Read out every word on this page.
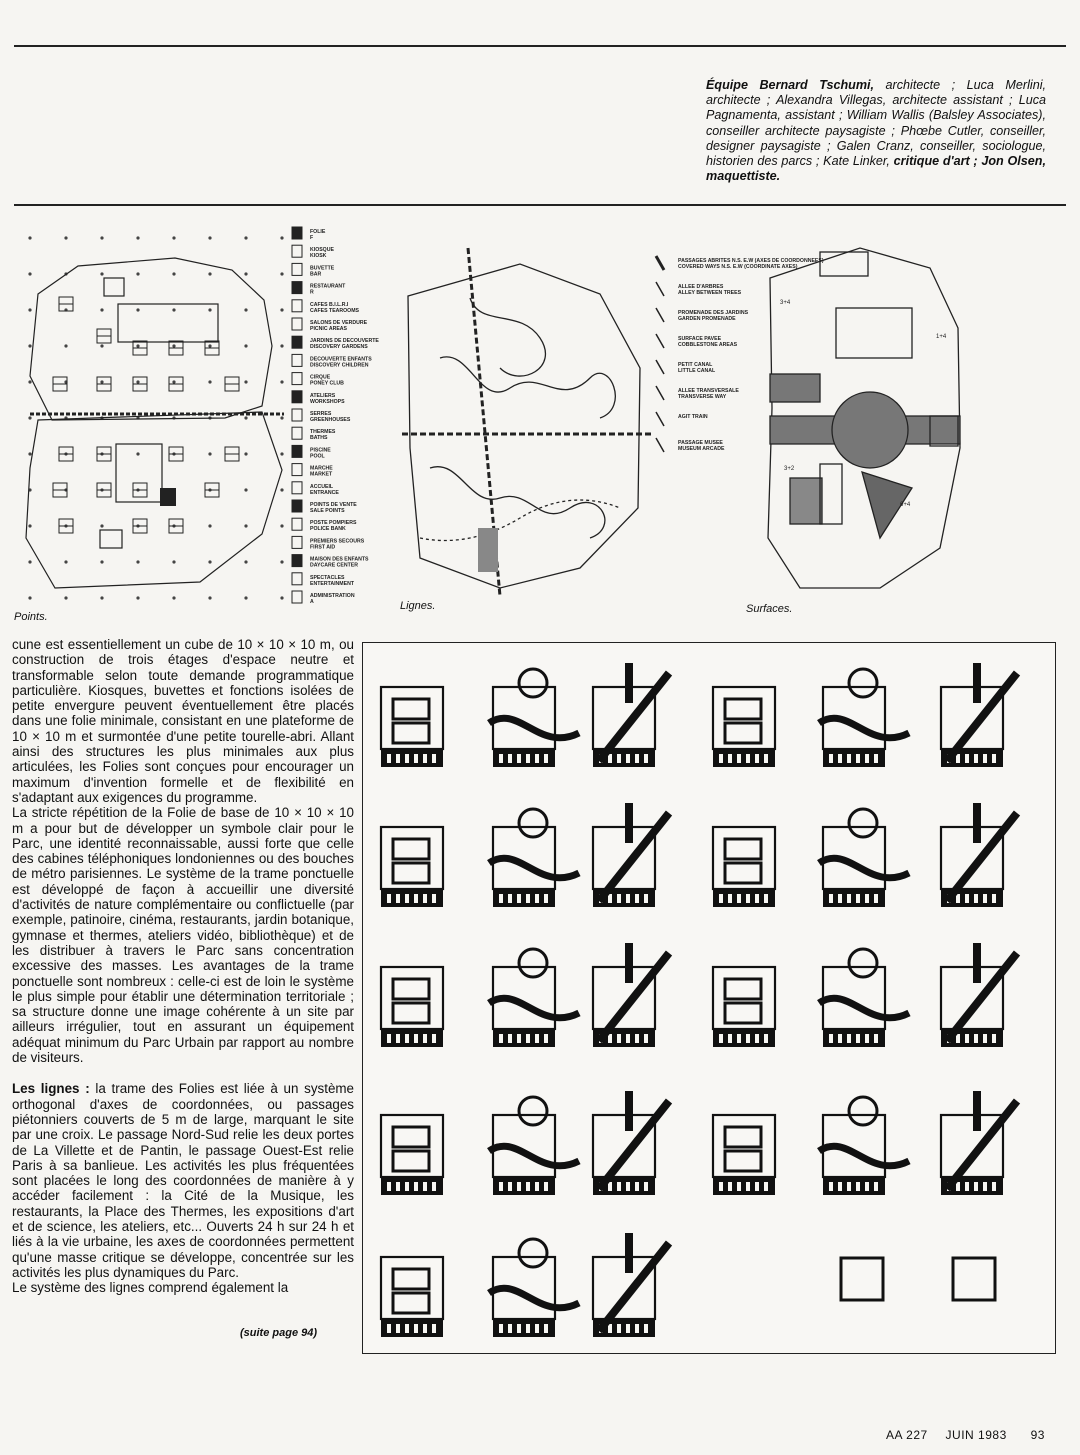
Équipe Bernard Tschumi, architecte ; Luca Merlini, architecte ; Alexandra Villegas, architecte assistant ; Luca Pagnamenta, assistant ; William Wallis (Balsley Associates), conseiller architecte paysagiste ; Phœbe Cutler, conseiller, designer paysagiste ; Galen Cranz, conseiller, sociologue, historien des parcs ; Kate Linker, critique d'art ; Jon Olsen, maquettiste.
FOLIE
F
KIOSQUE
KIOSK
BUVETTE
BAR
RESTAURANT
R
CAFES B.I.L.R.I
CAFES TEAROOMS
SALONS DE VERDURE
PICNIC AREAS
JARDINS DE DECOUVERTE
DISCOVERY GARDENS
DECOUVERTE ENFANTS
DISCOVERY CHILDREN
CIRQUE
PONEY CLUB
ATELIERS
WORKSHOPS
SERRES
GREENHOUSES
THERMES
BATHS
PISCINE
POOL
MARCHE
MARKET
ACCUEIL
ENTRANCE
POINTS DE VENTE
SALE POINTS
POSTE POMPIERS
POLICE BANK
PREMIERS SECOURS
FIRST AID
MAISON DES ENFANTS
DAYCARE CENTER
SPECTACLES
ENTERTAINMENT
ADMINISTRATION
A
PASSAGES ABRITES N.S. E.W (AXES DE COORDONNEES)
COVERED WAYS N.S. E.W (COORDINATE AXES)
ALLEE D'ARBRES
ALLEY BETWEEN TREES
PROMENADE DES JARDINS
GARDEN PROMENADE
SURFACE PAVEE
COBBLESTONE AREAS
PETIT CANAL
LITTLE CANAL
ALLEE TRANSVERSALE
TRANSVERSE WAY
AGIT TRAIN
PASSAGE MUSEE
MUSEUM ARCADE
3+4
1+4
3+2
6+4
Points.
Lignes.	Surfaces.

cune est essentiellement un cube de 10 × 10 × 10 m, ou construction de trois étages d'espace neutre et transformable selon toute demande programmatique particulière. Kiosques, buvettes et fonctions isolées de petite envergure peuvent éventuellement être placés dans une folie minimale, consistant en une plateforme de 10 × 10 m et surmontée d'une petite tourelle-abri. Allant ainsi des structures les plus minimales aux plus articulées, les Folies sont conçues pour encourager un maximum d'invention formelle et de flexibilité en s'adaptant aux exigences du programme.

La stricte répétition de la Folie de base de 10 × 10 × 10 m a pour but de développer un symbole clair pour le Parc, une identité reconnaissable, aussi forte que celle des cabines téléphoniques londoniennes ou des bouches de métro parisiennes. Le système de la trame ponctuelle est développé de façon à accueillir une diversité d'activités de nature complémentaire ou conflictuelle (par exemple, patinoire, cinéma, restaurants, jardin botanique, gymnase et thermes, ateliers vidéo, bibliothèque) et de les distribuer à travers le Parc sans concentration excessive des masses. Les avantages de la trame ponctuelle sont nombreux : celle-ci est de loin le système le plus simple pour établir une détermination territoriale ; sa structure donne une image cohérente à un site par ailleurs irrégulier, tout en assurant un équipement adéquat minimum du Parc Urbain par rapport au nombre de visiteurs.

Les lignes : la trame des Folies est liée à un système orthogonal d'axes de coordonnées, ou passages piétonniers couverts de 5 m de large, marquant le site par une croix. Le passage Nord-Sud relie les deux portes de La Villette et de Pantin, le passage Ouest-Est relie Paris à sa banlieue. Les activités les plus fréquentées sont placées le long des coordonnées de manière à y accéder facilement : la Cité de la Musique, les restaurants, la Place des Thermes, les expositions d'art et de science, les ateliers, etc... Ouverts 24 h sur 24 h et liés à la vie urbaine, les axes de coordonnées permettent qu'une masse critique se développe, concentrée sur les activités les plus dynamiques du Parc.

Le système des lignes comprend également la

(suite page 94)
AA 227 JUIN 1983 93
